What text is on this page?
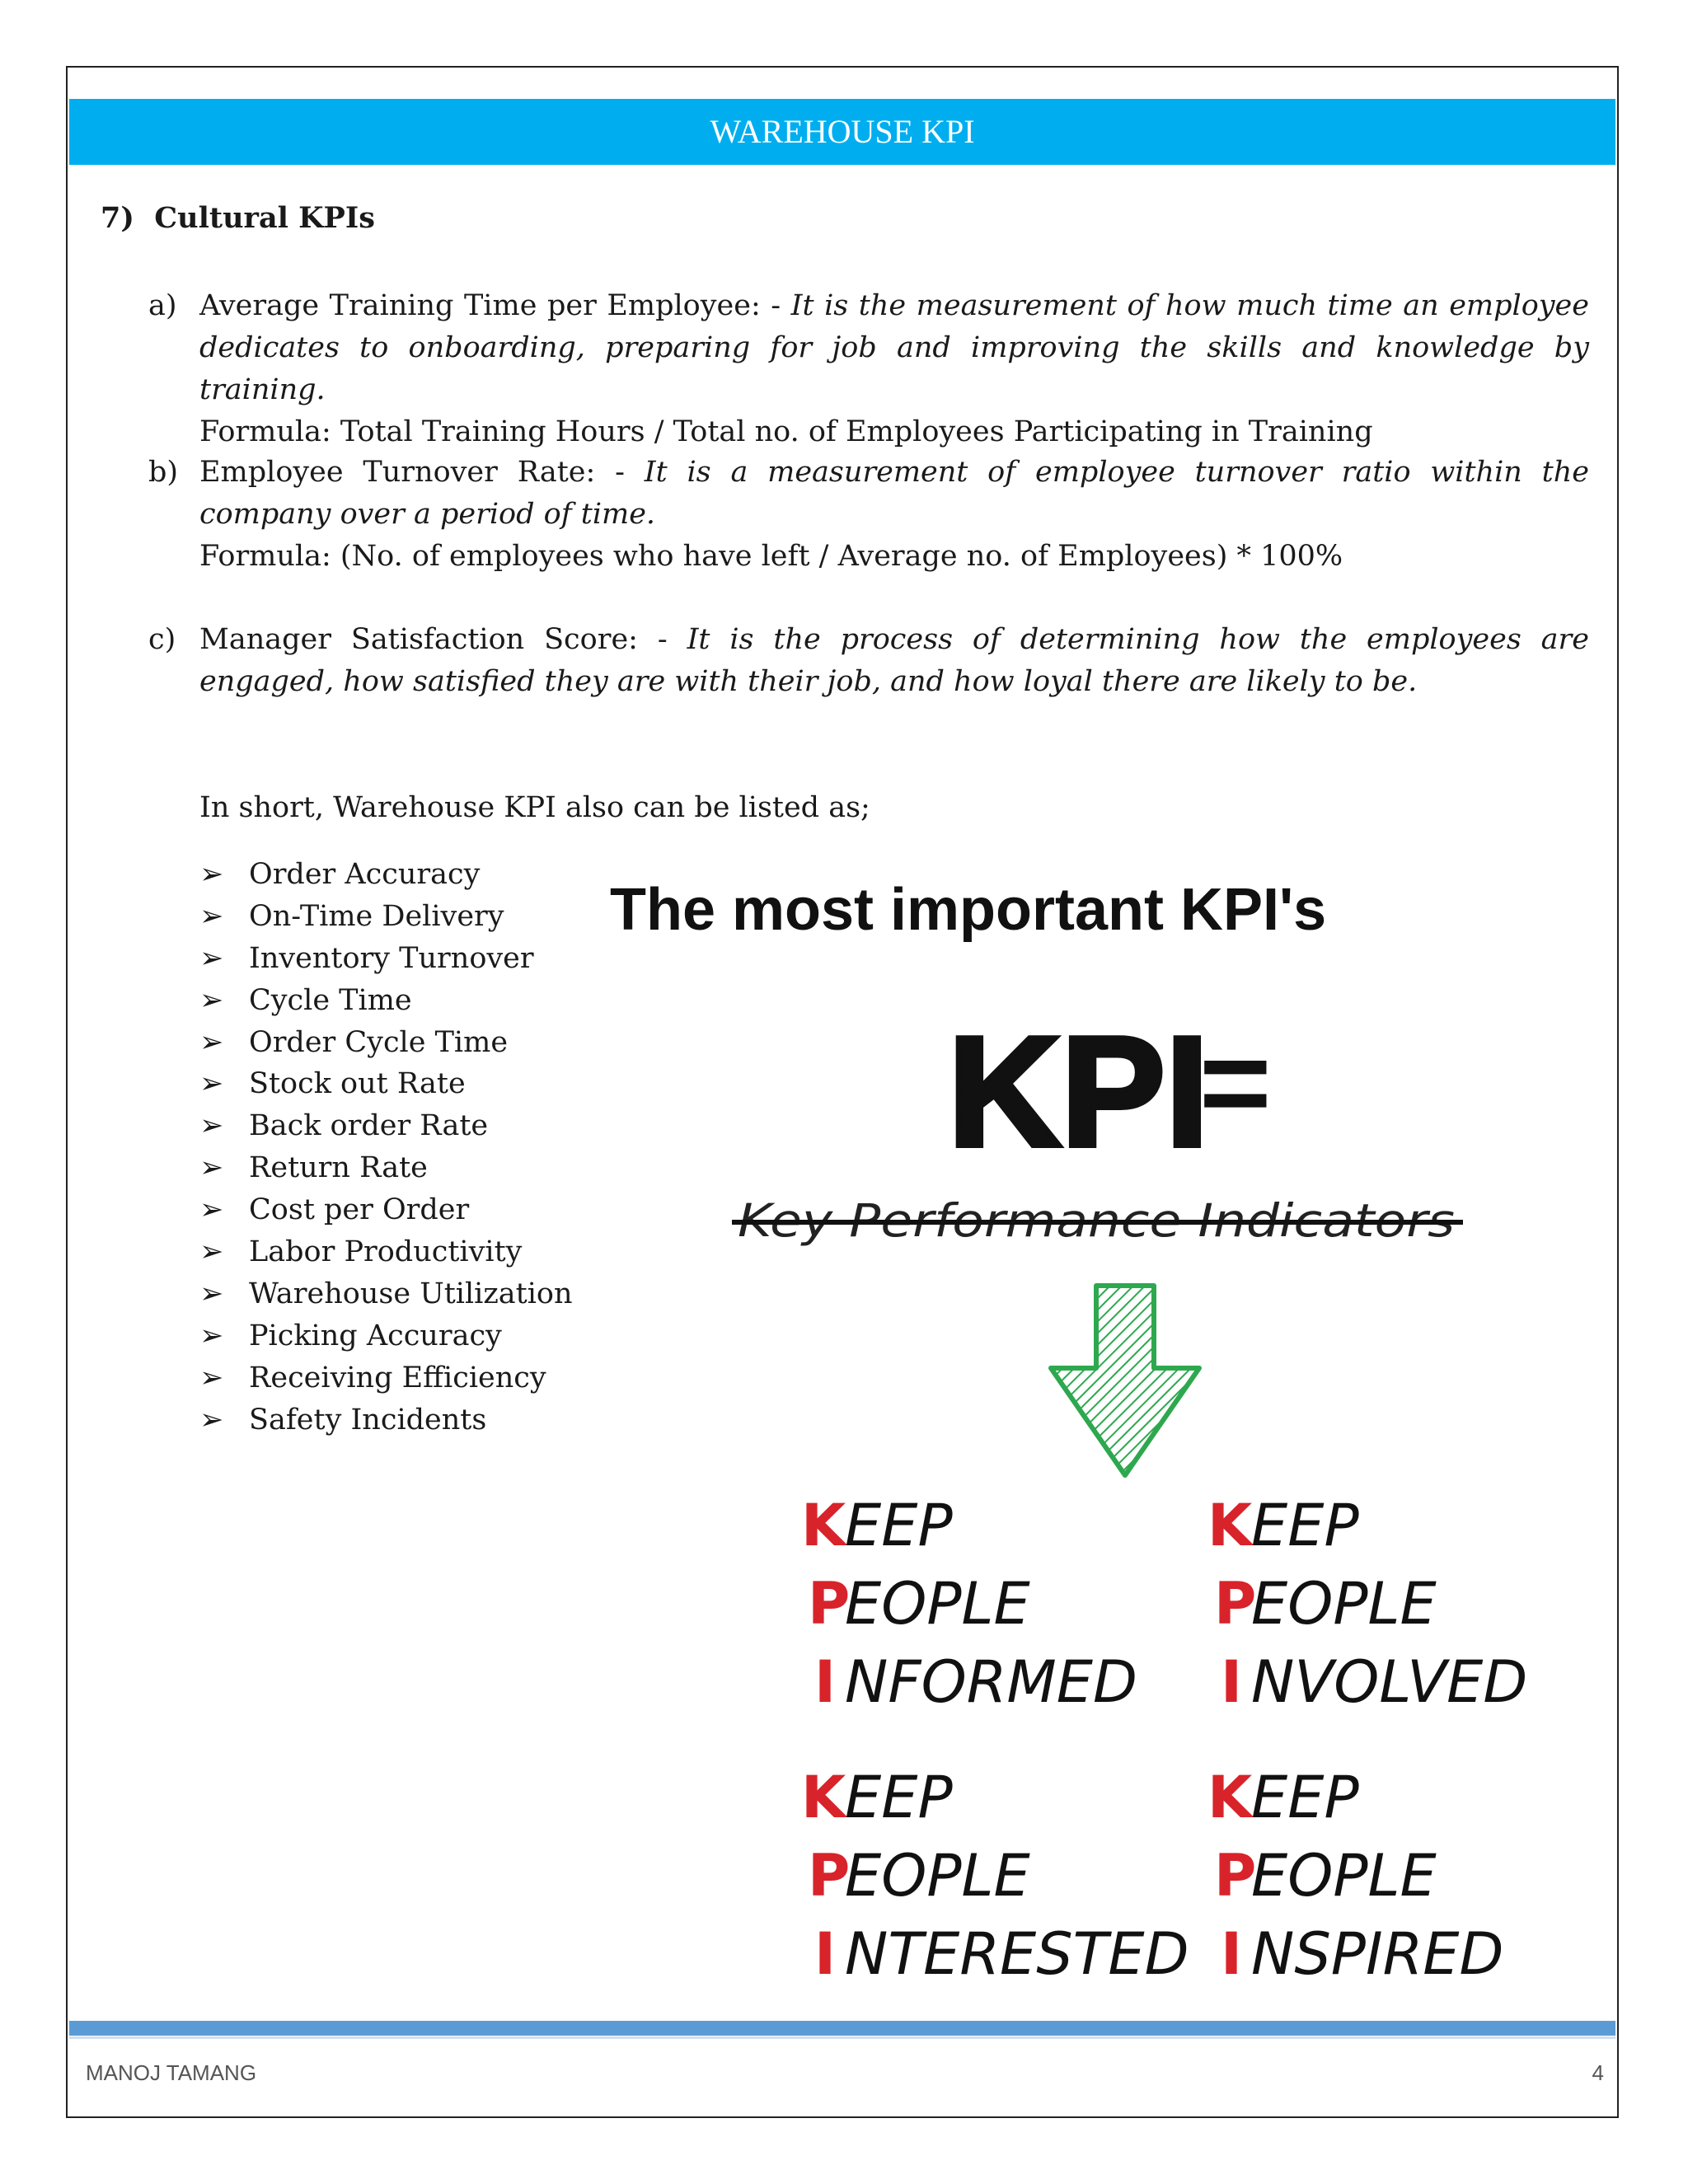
WAREHOUSE KPI
7) Cultural KPIs
a) Average Training Time per Employee: - It is the measurement of how much time an employee dedicates to onboarding, preparing for job and improving the skills and knowledge by training.
Formula: Total Training Hours / Total no. of Employees Participating in Training
b) Employee Turnover Rate: - It is a measurement of employee turnover ratio within the company over a period of time.
Formula: (No. of employees who have left / Average no. of Employees) * 100%
c) Manager Satisfaction Score: - It is the process of determining how the employees are engaged, how satisfied they are with their job, and how loyal there are likely to be.
In short, Warehouse KPI also can be listed as;
➢ Order Accuracy
➢ On-Time Delivery
➢ Inventory Turnover
➢ Cycle Time
➢ Order Cycle Time
➢ Stock out Rate
➢ Back order Rate
➢ Return Rate
➢ Cost per Order
➢ Labor Productivity
➢ Warehouse Utilization
➢ Picking Accuracy
➢ Receiving Efficiency
➢ Safety Incidents
The most important KPI's
KPI
=
Key Performance Indicators
K
EEP
P
EOPLE
I NFORMED
K
EEP
P
EOPLE
I NVOLVED
K
EEP
P
EOPLE
I NTERESTED
K
EEP
P
EOPLE
I NSPIRED
MANOJ TAMANG	4
